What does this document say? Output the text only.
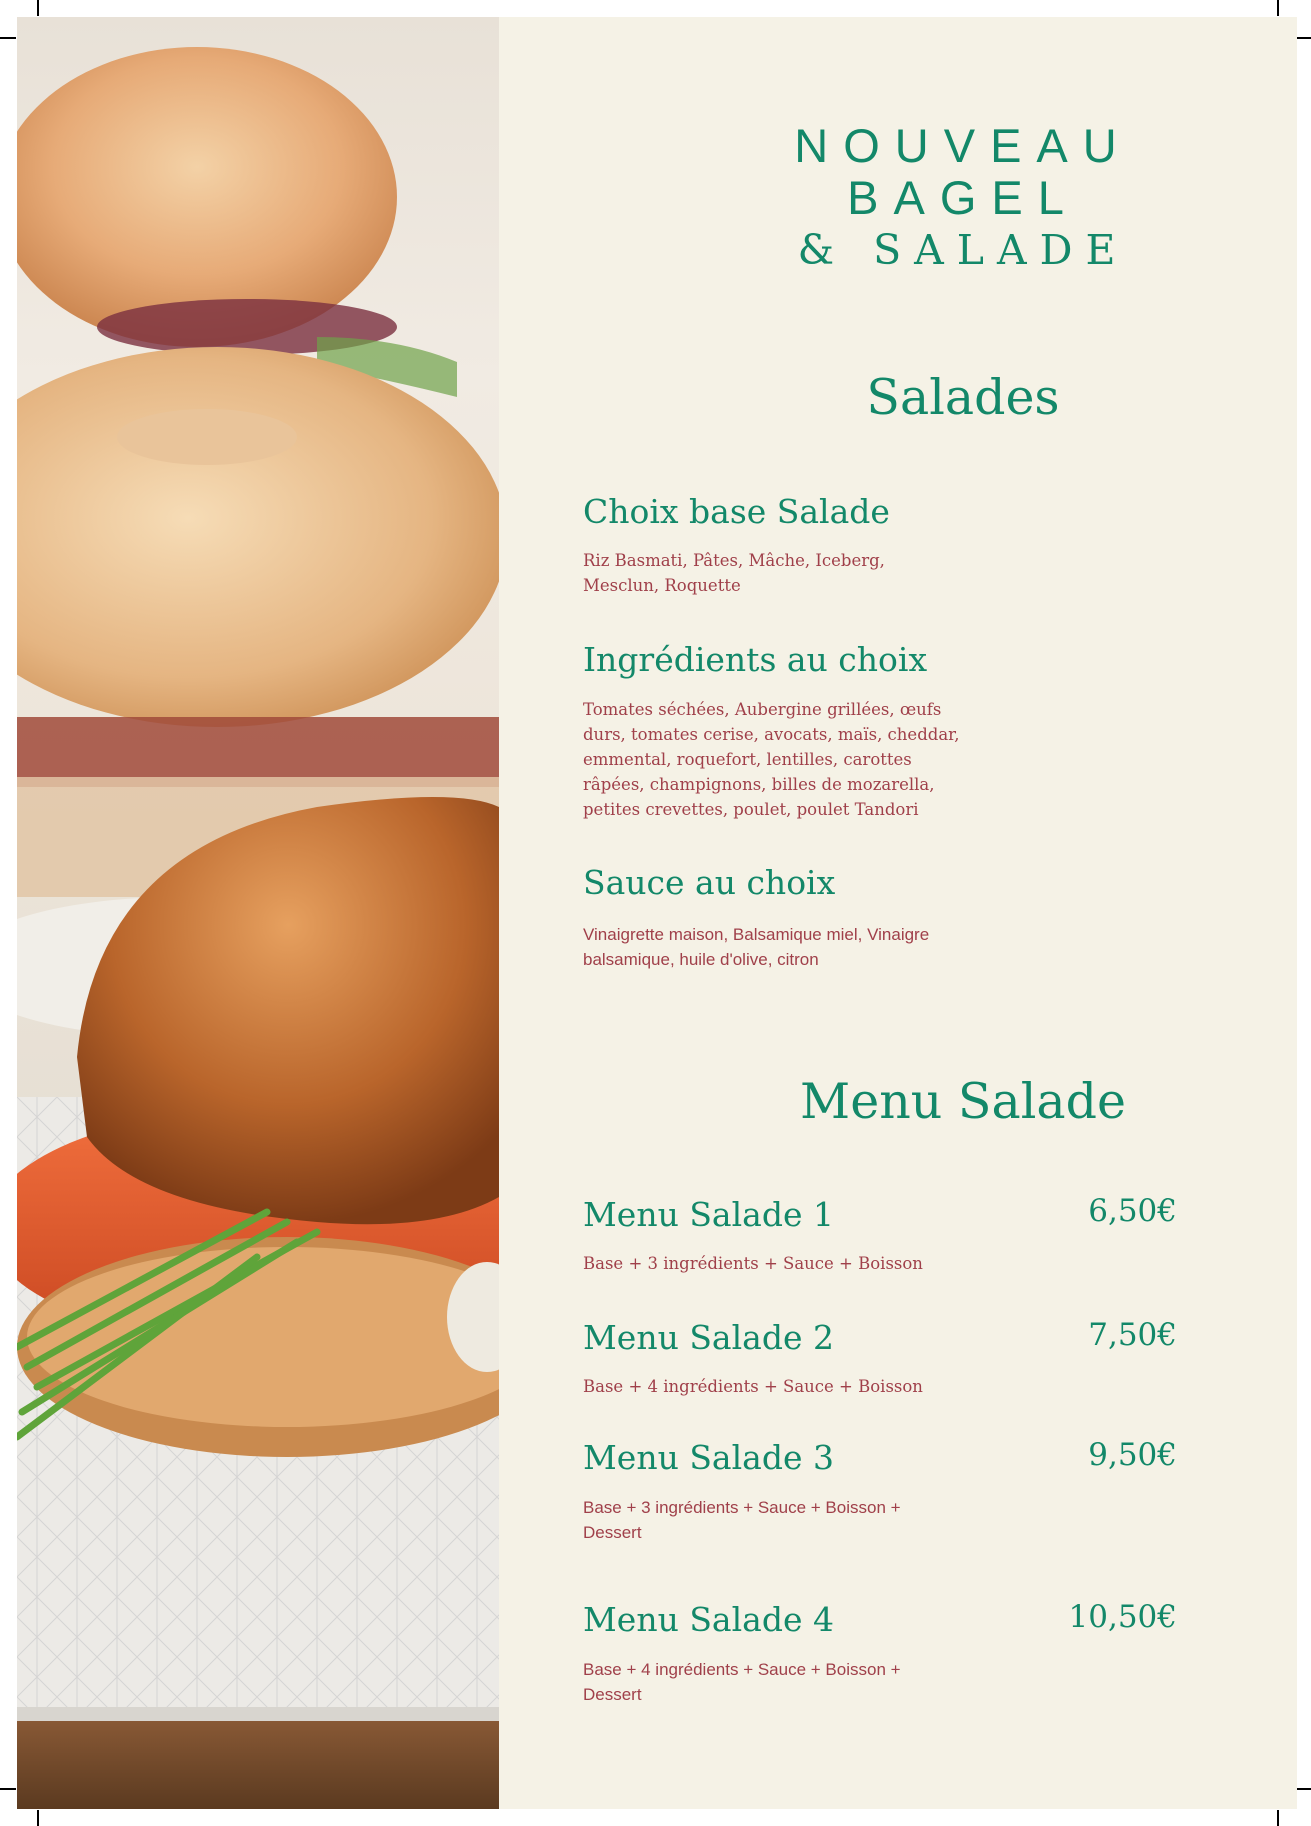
NOUVEAU
BAGEL
& SALADE
Salades
Choix base Salade
Riz Basmati, Pâtes, Mâche, Iceberg, Mesclun, Roquette
Ingrédients au choix
Tomates séchées, Aubergine grillées, œufs durs, tomates cerise, avocats, maïs, cheddar, emmental, roquefort, lentilles, carottes râpées, champignons, billes de mozarella, petites crevettes, poulet, poulet Tandori
Sauce au choix
Vinaigrette maison, Balsamique miel, Vinaigre balsamique, huile d'olive, citron
Menu Salade
Menu Salade 1	6,50€
Base + 3 ingrédients + Sauce + Boisson
Menu Salade 2	7,50€
Base + 4 ingrédients + Sauce + Boisson
Menu Salade 3	9,50€
Base + 3 ingrédients + Sauce + Boisson + Dessert
Menu Salade 4	10,50€
Base + 4 ingrédients + Sauce + Boisson + Dessert
